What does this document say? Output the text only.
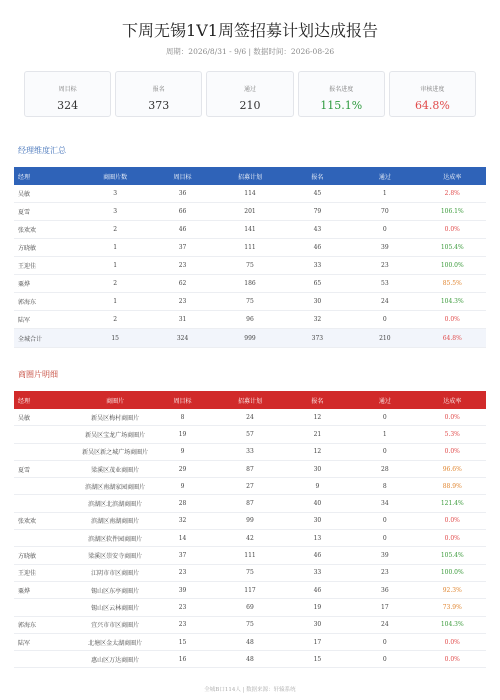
下周无锡1V1周签招募计划达成报告
周期：2026/8/31 - 9/6 | 数据时间：2026-08-26
周目标
324
报名
373
通过
210
报名进度
115.1%
审核进度
64.8%
经理维度汇总
经理	商圈片数	周目标	招募计划	报名	通过	达成率
吴敏	3	36	114	45	1	2.8%
夏雪	3	66	201	79	70	106.1%
张欢欢	2	46	141	43	0	0.0%
方晓敏	1	37	111	46	39	105.4%
王迎佳	1	23	75	33	23	100.0%
粟烨	2	62	186	65	53	85.5%
郭海东	1	23	75	30	24	104.3%
陆军	2	31	96	32	0	0.0%
全城合计	15	324	999	373	210	64.8%
商圈片明细
经理	商圈片	周目标	招募计划	报名	通过	达成率
吴敏	新吴区梅村商圈片	8	24	12	0	0.0%
	新吴区宝龙广场商圈片	19	57	21	1	5.3%
	新吴区新之城广场商圈片	9	33	12	0	0.0%
夏雪	梁溪区茂业商圈片	29	87	30	28	96.6%
	滨湖区南湖家园商圈片	9	27	9	8	88.9%
	滨湖区北滨湖商圈片	28	87	40	34	121.4%
张欢欢	滨湖区南湖商圈片	32	99	30	0	0.0%
	滨湖区软件园商圈片	14	42	13	0	0.0%
方晓敏	梁溪区崇安寺商圈片	37	111	46	39	105.4%
王迎佳	江阴市市区商圈片	23	75	33	23	100.0%
粟烨	锡山区东亭商圈片	39	117	46	36	92.3%
	锡山区云林商圈片	23	69	19	17	73.9%
郭海东	宜兴市市区商圈片	23	75	30	24	104.3%
陆军	北塘区金太湖商圈片	15	48	17	0	0.0%
	惠山区万达商圈片	16	48	15	0	0.0%
全城B口114人 | 数据来源：轩辕系统
